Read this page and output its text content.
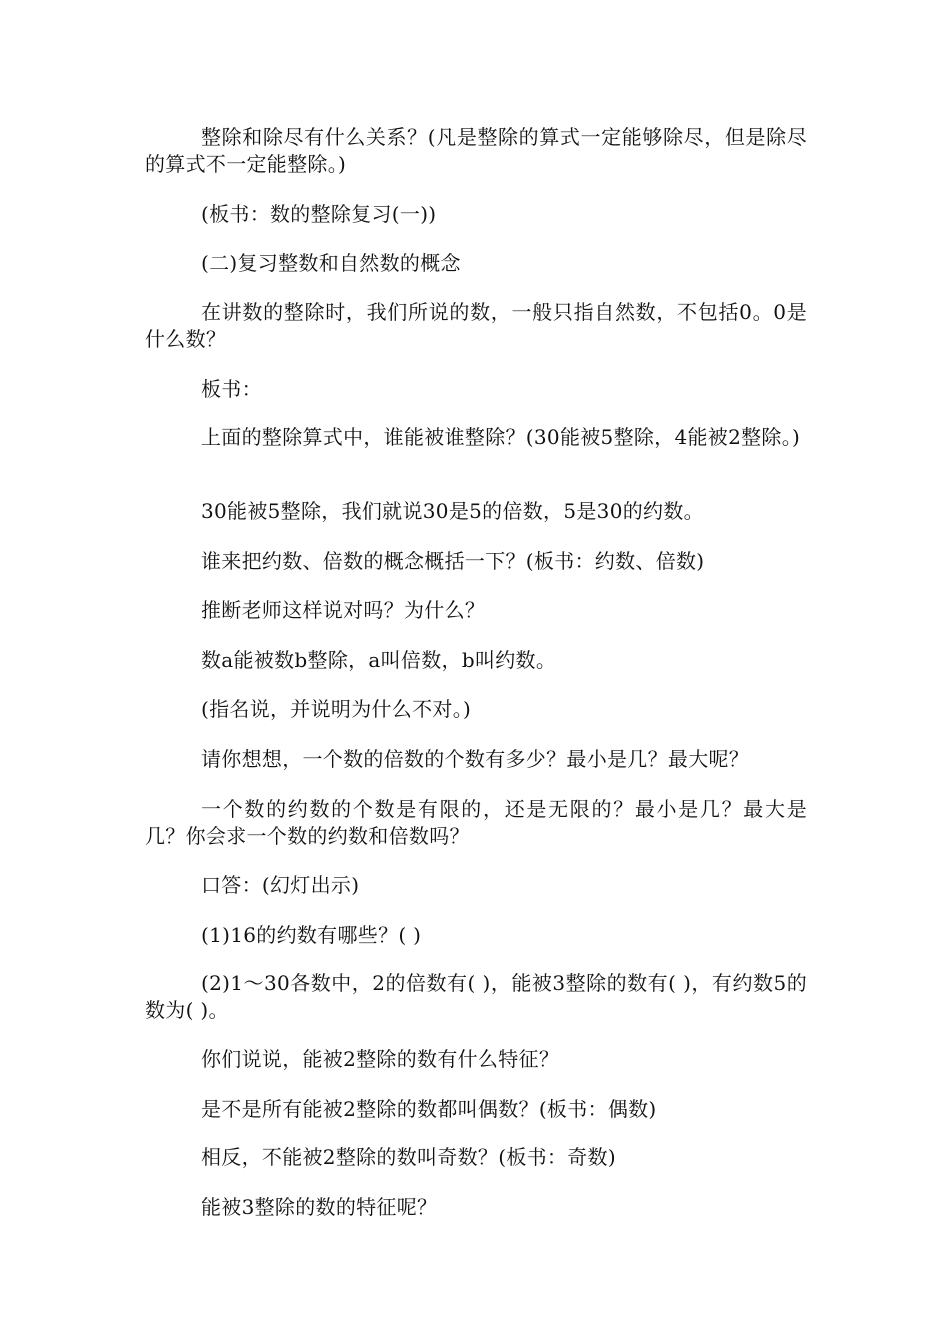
整除和除尽有什么关系？(凡是整除的算式一定能够除尽，但是除尽的算式不一定能整除。)

(板书：数的整除复习(一))

(二)复习整数和自然数的概念

在讲数的整除时，我们所说的数，一般只指自然数，不包括0。0是什么数？

板书：

上面的整除算式中，谁能被谁整除？(30能被5整除，4能被2整除。)

30能被5整除，我们就说30是5的倍数，5是30的约数。

谁来把约数、倍数的概念概括一下？(板书：约数、倍数)

推断老师这样说对吗？为什么？

数a能被数b整除，a叫倍数，b叫约数。

(指名说，并说明为什么不对。)

请你想想，一个数的倍数的个数有多少？最小是几？最大呢？

一个数的约数的个数是有限的，还是无限的？最小是几？最大是几？你会求一个数的约数和倍数吗？

口答：(幻灯出示)

(1)16的约数有哪些？( )

(2)1～30各数中，2的倍数有( )，能被3整除的数有( )，有约数5的数为( )。

你们说说，能被2整除的数有什么特征？

是不是所有能被2整除的数都叫偶数？(板书：偶数)

相反，不能被2整除的数叫奇数？(板书：奇数)

能被3整除的数的特征呢？
